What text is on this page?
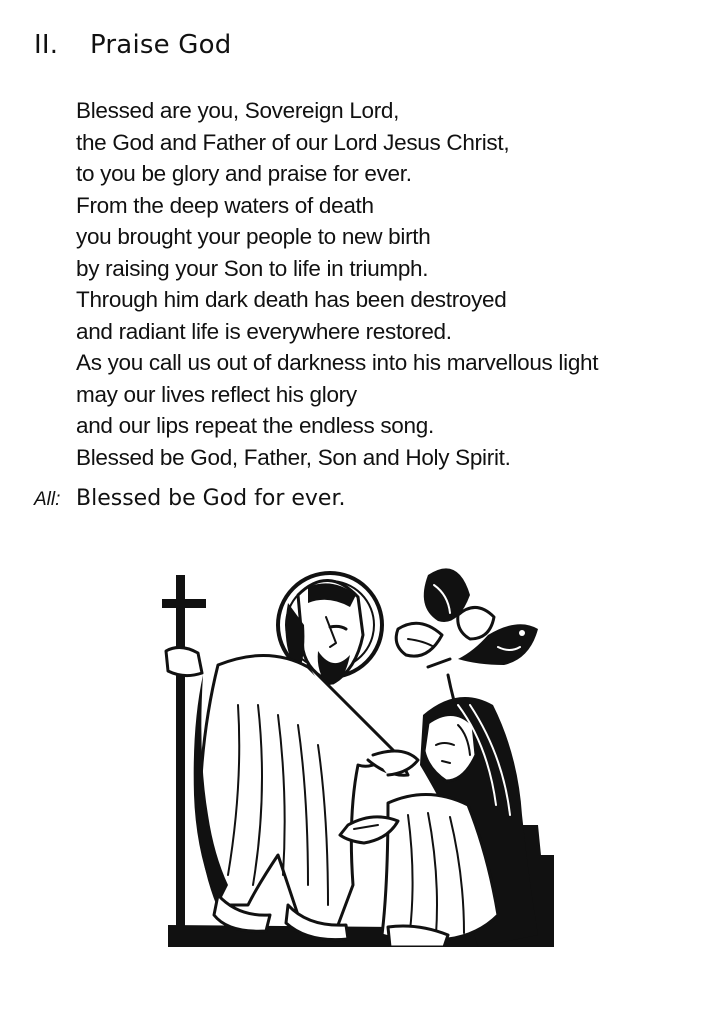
II. Praise God
Blessed are you, Sovereign Lord,
the God and Father of our Lord Jesus Christ,
to you be glory and praise for ever.
From the deep waters of death
you brought your people to new birth
by raising your Son to life in triumph.
Through him dark death has been destroyed
and radiant life is everywhere restored.
As you call us out of darkness into his marvellous light
may our lives reflect his glory
and our lips repeat the endless song.
Blessed be God, Father, Son and Holy Spirit.
All: Blessed be God for ever.
